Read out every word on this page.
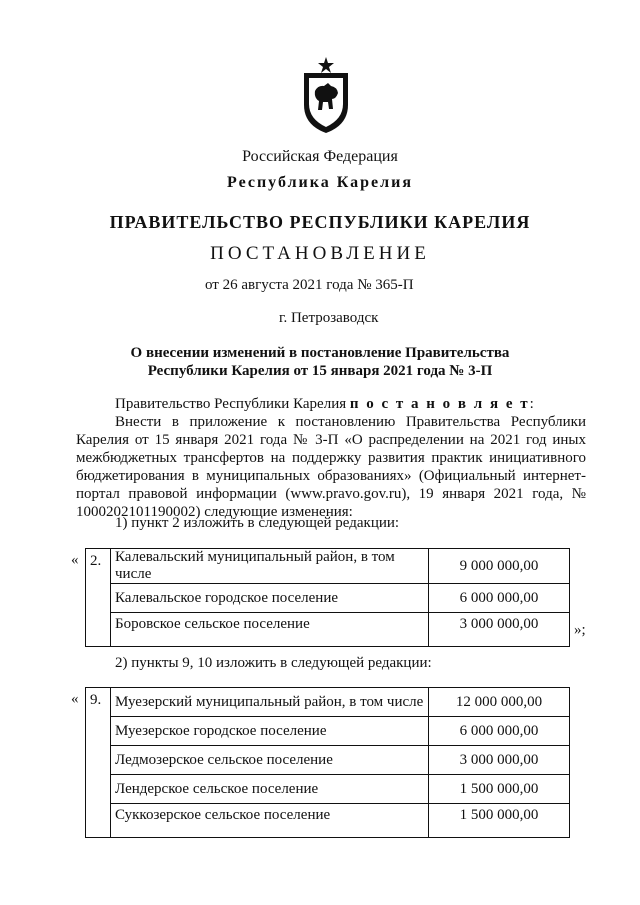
Российская Федерация
Республика Карелия
ПРАВИТЕЛЬСТВО РЕСПУБЛИКИ КАРЕЛИЯ
ПОСТАНОВЛЕНИЕ
от 26 августа 2021 года № 365-П
г. Петрозаводск
О внесении изменений в постановление Правительства
Республики Карелия от 15 января 2021 года № 3-П
Правительство Республики Карелия п о с т а н о в л я е т:
Внести в приложение к постановлению Правительства Республики Карелия от 15 января 2021 года № 3-П «О распределении на 2021 год иных межбюджетных трансфертов на поддержку развития практик инициативного бюджетирования в муниципальных образованиях» (Официальный интернет-портал правовой информации (www.pravo.gov.ru), 19 января 2021 года, № 1000202101190002) следующие изменения:
1) пункт 2 изложить в следующей редакции:
« 2.	Калевальский муниципальный район, в том числе	9 000 000,00
	Калевальское городское поселение	6 000 000,00
	Боровское сельское поселение	3 000 000,00 »;
2) пункты 9, 10 изложить в следующей редакции:
« 9.	Муезерский муниципальный район, в том числе	12 000 000,00
	Муезерское городское поселение	6 000 000,00
	Ледмозерское сельское поселение	3 000 000,00
	Лендерское сельское поселение	1 500 000,00
	Суккозерское сельское поселение	1 500 000,00
